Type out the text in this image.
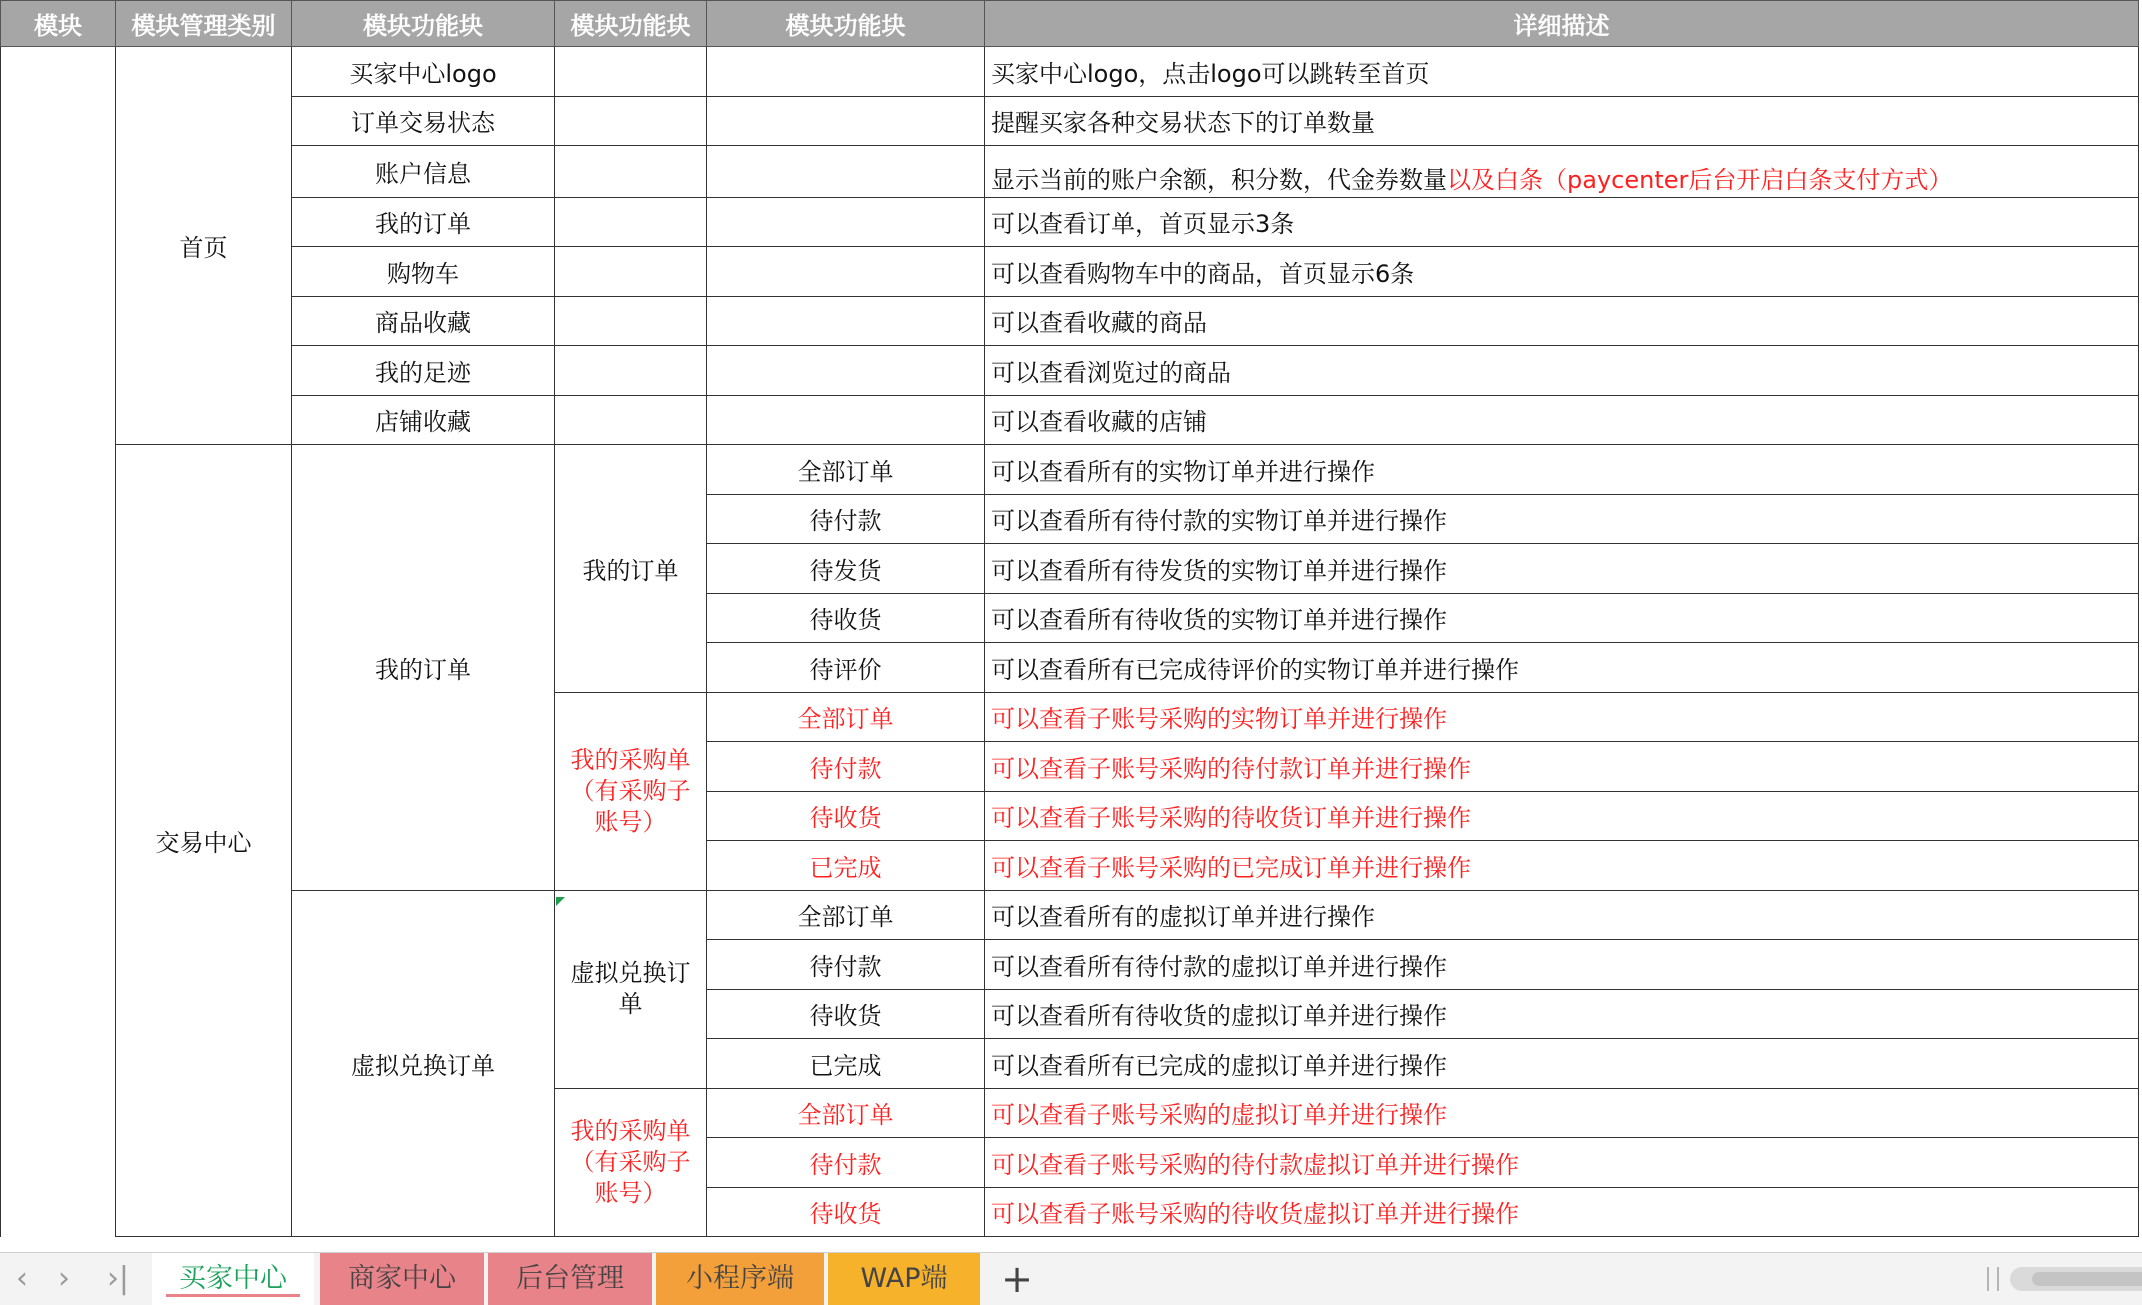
模块	模块管理类别	模块功能块	模块功能块	模块功能块	详细描述
	首页	买家中心logo			买家中心logo，点击logo可以跳转至首页
		订单交易状态			提醒买家各种交易状态下的订单数量
		账户信息			显示当前的账户余额，积分数，代金券数量以及白条（paycenter后台开启白条支付方式）
		我的订单			可以查看订单，首页显示3条
		购物车			可以查看购物车中的商品，首页显示6条
		商品收藏			可以查看收藏的商品
		我的足迹			可以查看浏览过的商品
		店铺收藏			可以查看收藏的店铺
	交易中心	我的订单	我的订单	全部订单	可以查看所有的实物订单并进行操作
				待付款	可以查看所有待付款的实物订单并进行操作
				待发货	可以查看所有待发货的实物订单并进行操作
				待收货	可以查看所有待收货的实物订单并进行操作
				待评价	可以查看所有已完成待评价的实物订单并进行操作
			我的采购单（有采购子账号）	全部订单	可以查看子账号采购的实物订单并进行操作
				待付款	可以查看子账号采购的待付款订单并进行操作
				待收货	可以查看子账号采购的待收货订单并进行操作
				已完成	可以查看子账号采购的已完成订单并进行操作
		虚拟兑换订单	虚拟兑换订单	全部订单	可以查看所有的虚拟订单并进行操作
				待付款	可以查看所有待付款的虚拟订单并进行操作
				待收货	可以查看所有待收货的虚拟订单并进行操作
				已完成	可以查看所有已完成的虚拟订单并进行操作
			我的采购单（有采购子账号）	全部订单	可以查看子账号采购的虚拟订单并进行操作
				待付款	可以查看子账号采购的待付款虚拟订单并进行操作
				待收货	可以查看子账号采购的待收货虚拟订单并进行操作
‹	›	›|	买家中心	商家中心	后台管理	小程序端	WAP端	+
